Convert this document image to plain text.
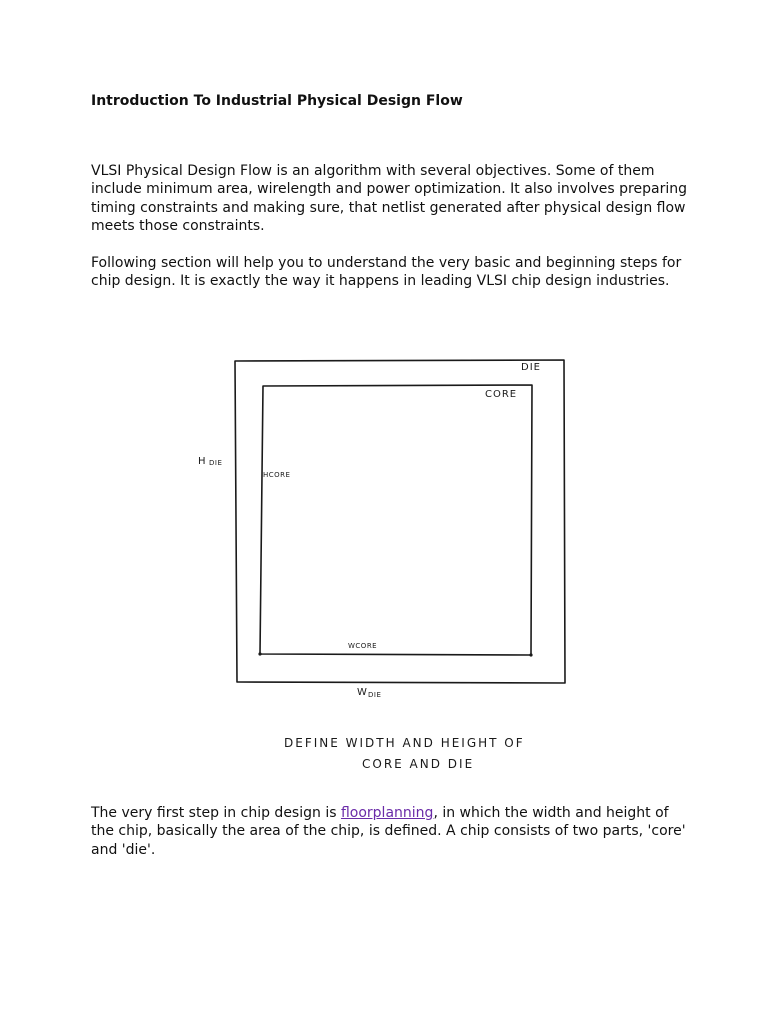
Introduction To Industrial Physical Design Flow

VLSI Physical Design Flow is an algorithm with several objectives. Some of them include minimum area, wirelength and power optimization. It also involves preparing timing constraints and making sure, that netlist generated after physical design flow meets those constraints.

Following section will help you to understand the very basic and beginning steps for chip design. It is exactly the way it happens in leading VLSI chip design industries.

DIE
CORE
H DIE
HCORE
WCORE
W DIE
DEFINE WIDTH AND HEIGHT OF
CORE AND DIE

The very first step in chip design is floorplanning, in which the width and height of the chip, basically the area of the chip, is defined. A chip consists of two parts, 'core' and 'die'.
